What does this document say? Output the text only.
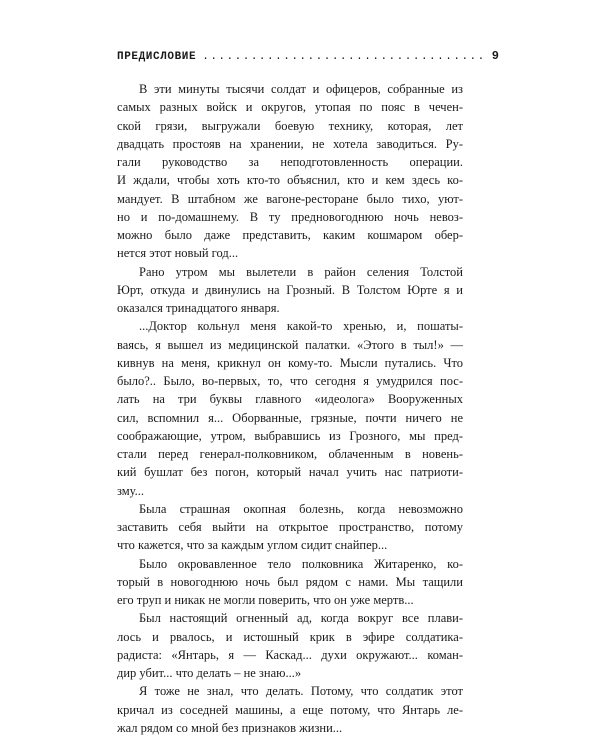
ПРЕДИСЛОВИЕ ................................... 9

В эти минуты тысячи солдат и офицеров, собранные из
самых разных войск и округов, утопая по пояс в чечен-
ской грязи, выгружали боевую технику, которая, лет
двадцать простояв на хранении, не хотела заводиться. Ру-
гали руководство за неподготовленность операции.
И ждали, чтобы хоть кто-то объяснил, кто и кем здесь ко-
мандует. В штабном же вагоне-ресторане было тихо, уют-
но и по-домашнему. В ту предновогоднюю ночь невоз-
можно было даже представить, каким кошмаром обер-
нется этот новый год...

Рано утром мы вылетели в район селения Толстой
Юрт, откуда и двинулись на Грозный. В Толстом Юрте я и
оказался тринадцатого января.

...Доктор кольнул меня какой-то хренью, и, пошаты-
ваясь, я вышел из медицинской палатки. «Этого в тыл!» —
кивнув на меня, крикнул он кому-то. Мысли путались. Что
было?.. Было, во-первых, то, что сегодня я умудрился пос-
лать на три буквы главного «идеолога» Вооруженных
сил, вспомнил я... Оборванные, грязные, почти ничего не
соображающие, утром, выбравшись из Грозного, мы пред-
стали перед генерал-полковником, облаченным в новень-
кий бушлат без погон, который начал учить нас патриоти-
зму...

Была страшная окопная болезнь, когда невозможно
заставить себя выйти на открытое пространство, потому
что кажется, что за каждым углом сидит снайпер...

Было окровавленное тело полковника Житаренко, ко-
торый в новогоднюю ночь был рядом с нами. Мы тащили
его труп и никак не могли поверить, что он уже мертв...

Был настоящий огненный ад, когда вокруг все плави-
лось и рвалось, и истошный крик в эфире солдатика-
радиста: «Янтарь, я — Каскад... духи окружают... коман-
дир убит... что делать – не знаю...»

Я тоже не знал, что делать. Потому, что солдатик этот
кричал из соседней машины, а еще потому, что Янтарь ле-
жал рядом со мной без признаков жизни...
